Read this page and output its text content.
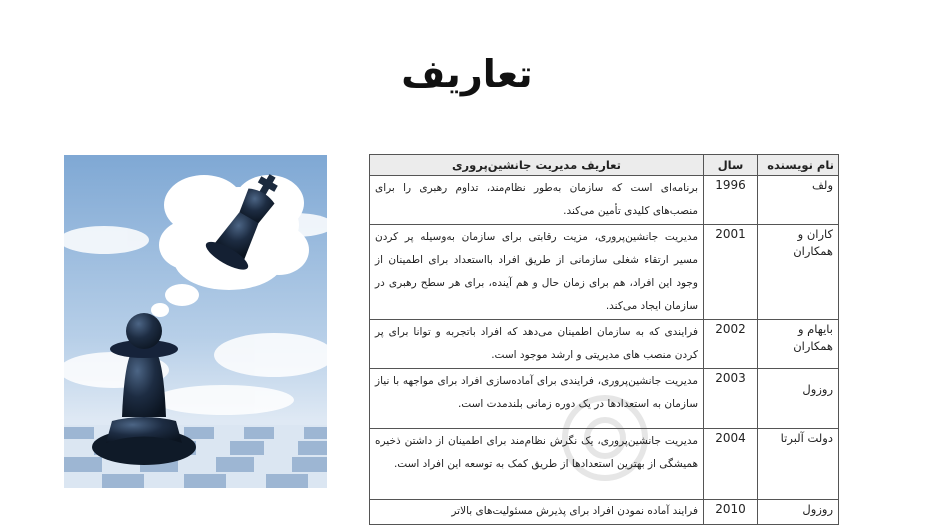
تعاریف
نام نویسنده	سال	تعاریف مدیریت جانشین‌پروری
ولف	1996	برنامه‌ای است که سازمان به‌طور نظام‌مند، تداوم رهبری را برای منصب‌های کلیدی تأمین می‌کند.
کاران و همکاران	2001	مدیریت جانشین‌پروری، مزیت رقابتی برای سازمان به‌وسیله پر کردن مسیر ارتقاء شغلی سازمانی از طریق افراد بااستعداد برای اطمینان از وجود این افراد، هم برای زمان حال و هم آینده، برای هر سطح رهبری در سازمان ایجاد می‌کند.
بایهام و همکاران	2002	فرایندی که به سازمان اطمینان می‌دهد که افراد باتجربه و توانا برای پر کردن منصب های مدیریتی و ارشد موجود است.
روزول	2003	مدیریت جانشین‌پروری، فرایندی برای آماده‌سازی افراد برای مواجهه با نیاز سازمان به استعدادها در یک دوره زمانی بلندمدت است.
دولت آلبرتا	2004	مدیریت جانشین‌پروری، یک نگرش نظام‌مند برای اطمینان از داشتن ذخیره همیشگی از بهترین استعدادها از طریق کمک به توسعه این افراد است.
روزول	2010	فرایند آماده نمودن افراد برای پذیرش مسئولیت‌های بالاتر
